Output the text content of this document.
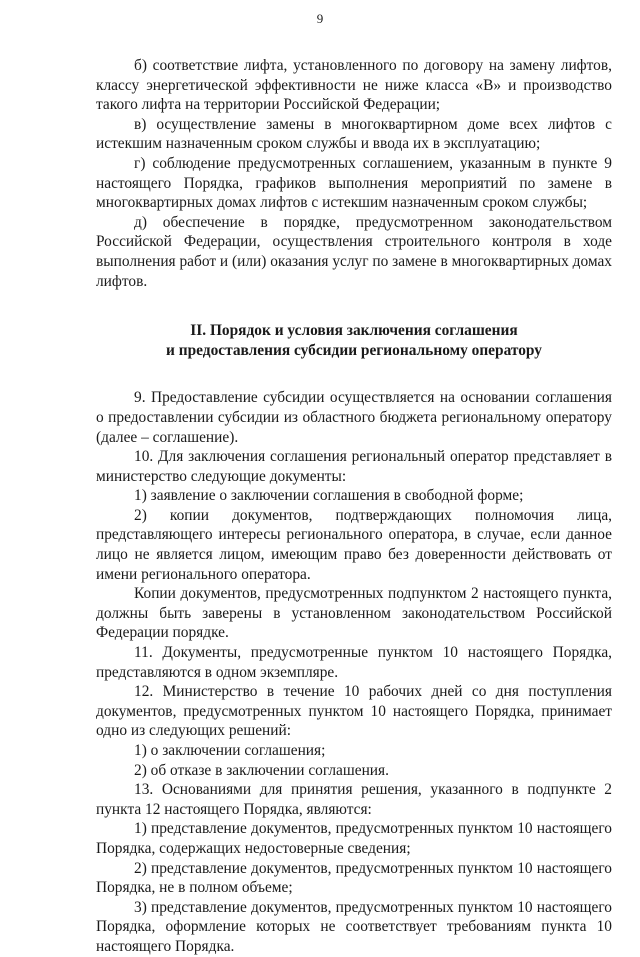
9

б) соответствие лифта, установленного по договору на замену лифтов, классу энергетической эффективности не ниже класса «B» и производство такого лифта на территории Российской Федерации;

в) осуществление замены в многоквартирном доме всех лифтов с истекшим назначенным сроком службы и ввода их в эксплуатацию;

г) соблюдение предусмотренных соглашением, указанным в пункте 9 настоящего Порядка, графиков выполнения мероприятий по замене в многоквартирных домах лифтов с истекшим назначенным сроком службы;

д) обеспечение в порядке, предусмотренном законодательством Российской Федерации, осуществления строительного контроля в ходе выполнения работ и (или) оказания услуг по замене в многоквартирных домах лифтов.

II. Порядок и условия заключения соглашения
и предоставления субсидии региональному оператору

9. Предоставление субсидии осуществляется на основании соглашения о предоставлении субсидии из областного бюджета региональному оператору (далее – соглашение).

10. Для заключения соглашения региональный оператор представляет в министерство следующие документы:

1) заявление о заключении соглашения в свободной форме;

2) копии документов, подтверждающих полномочия лица, представляющего интересы регионального оператора, в случае, если данное лицо не является лицом, имеющим право без доверенности действовать от имени регионального оператора.

Копии документов, предусмотренных подпунктом 2 настоящего пункта, должны быть заверены в установленном законодательством Российской Федерации порядке.

11. Документы, предусмотренные пунктом 10 настоящего Порядка, представляются в одном экземпляре.

12. Министерство в течение 10 рабочих дней со дня поступления документов, предусмотренных пунктом 10 настоящего Порядка, принимает одно из следующих решений:

1) о заключении соглашения;

2) об отказе в заключении соглашения.

13. Основаниями для принятия решения, указанного в подпункте 2 пункта 12 настоящего Порядка, являются:

1) представление документов, предусмотренных пунктом 10 настоящего Порядка, содержащих недостоверные сведения;

2) представление документов, предусмотренных пунктом 10 настоящего Порядка, не в полном объеме;

3) представление документов, предусмотренных пунктом 10 настоящего Порядка, оформление которых не соответствует требованиям пункта 10 настоящего Порядка.
